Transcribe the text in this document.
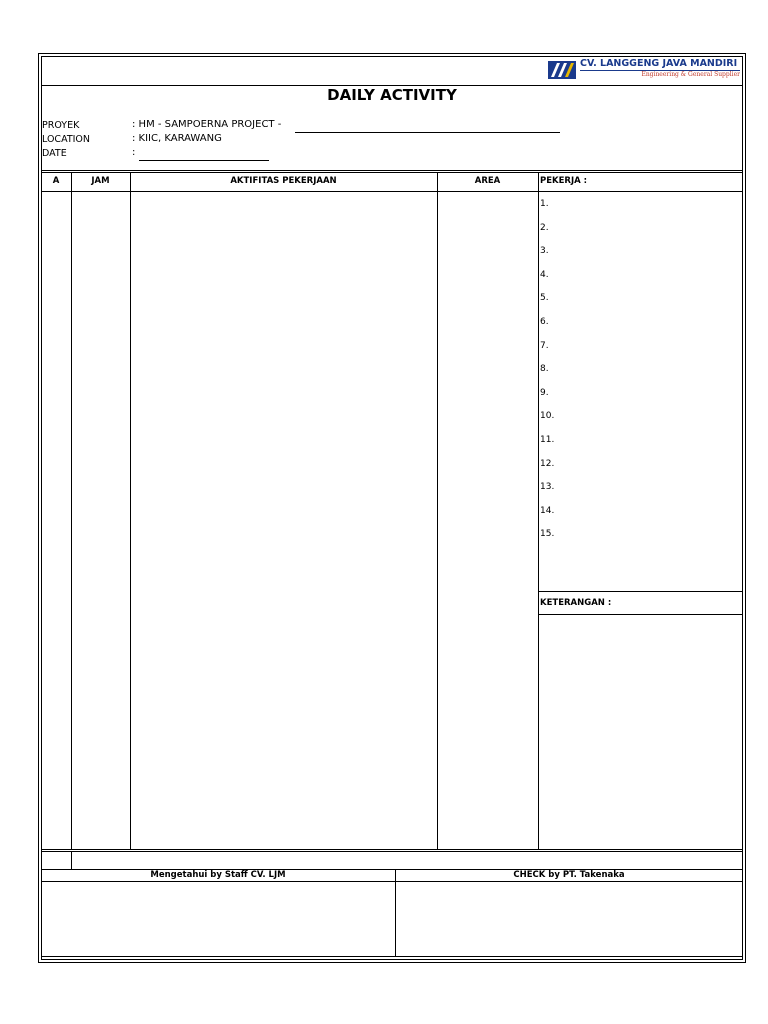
CV. LANGGENG JAVA MANDIRI
Engineering & General Supplier
DAILY ACTIVITY
PROYEK	: HM - SAMPOERNA PROJECT -
LOCATION	: KIIC, KARAWANG
DATE	:
A	JAM	AKTIFITAS PEKERJAAN	AREA	PEKERJA :
1.
2.
3.
4.
5.
6.
7.
8.
9.
10.
11.
12.
13.
14.
15.
KETERANGAN :
Mengetahui by Staff CV. LJM	CHECK by PT. Takenaka
